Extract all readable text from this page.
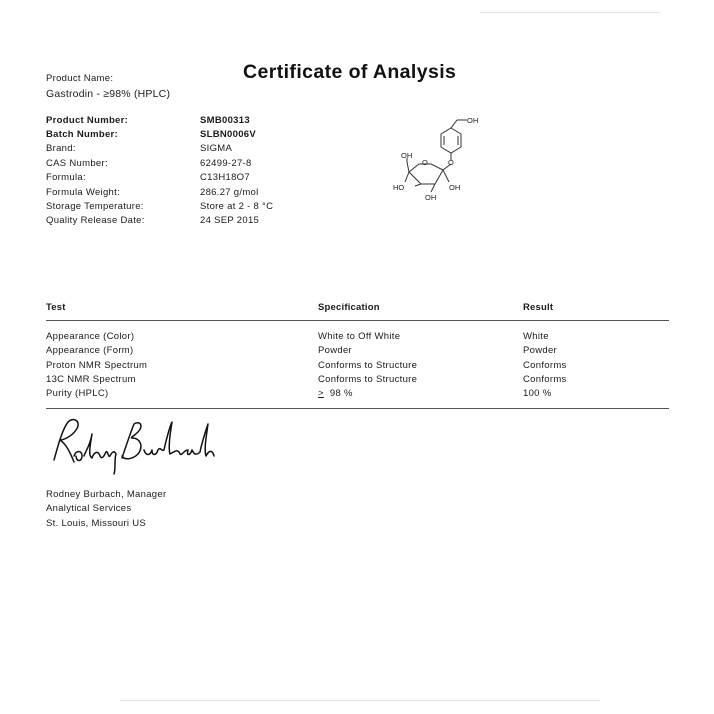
Product Name:
Gastrodin - ≥98% (HPLC)
Certificate of Analysis
Product Number:	SMB00313
Batch Number:	SLBN0006V
Brand:	SIGMA
CAS Number:	62499-27-8
Formula:	C13H18O7
Formula Weight:	286.27 g/mol
Storage Temperature:	Store at 2 - 8 °C
Quality Release Date:	24 SEP 2015
OH
O
OH
O
HO
OH
OH
Test	Specification	Result
Appearance (Color)	White to Off White	White
Appearance (Form)	Powder	Powder
Proton NMR Spectrum	Conforms to Structure	Conforms
13C NMR Spectrum	Conforms to Structure	Conforms
Purity (HPLC)	≥ 98 %	100 %
Rodney Burbach, Manager
Analytical Services
St. Louis, Missouri US
